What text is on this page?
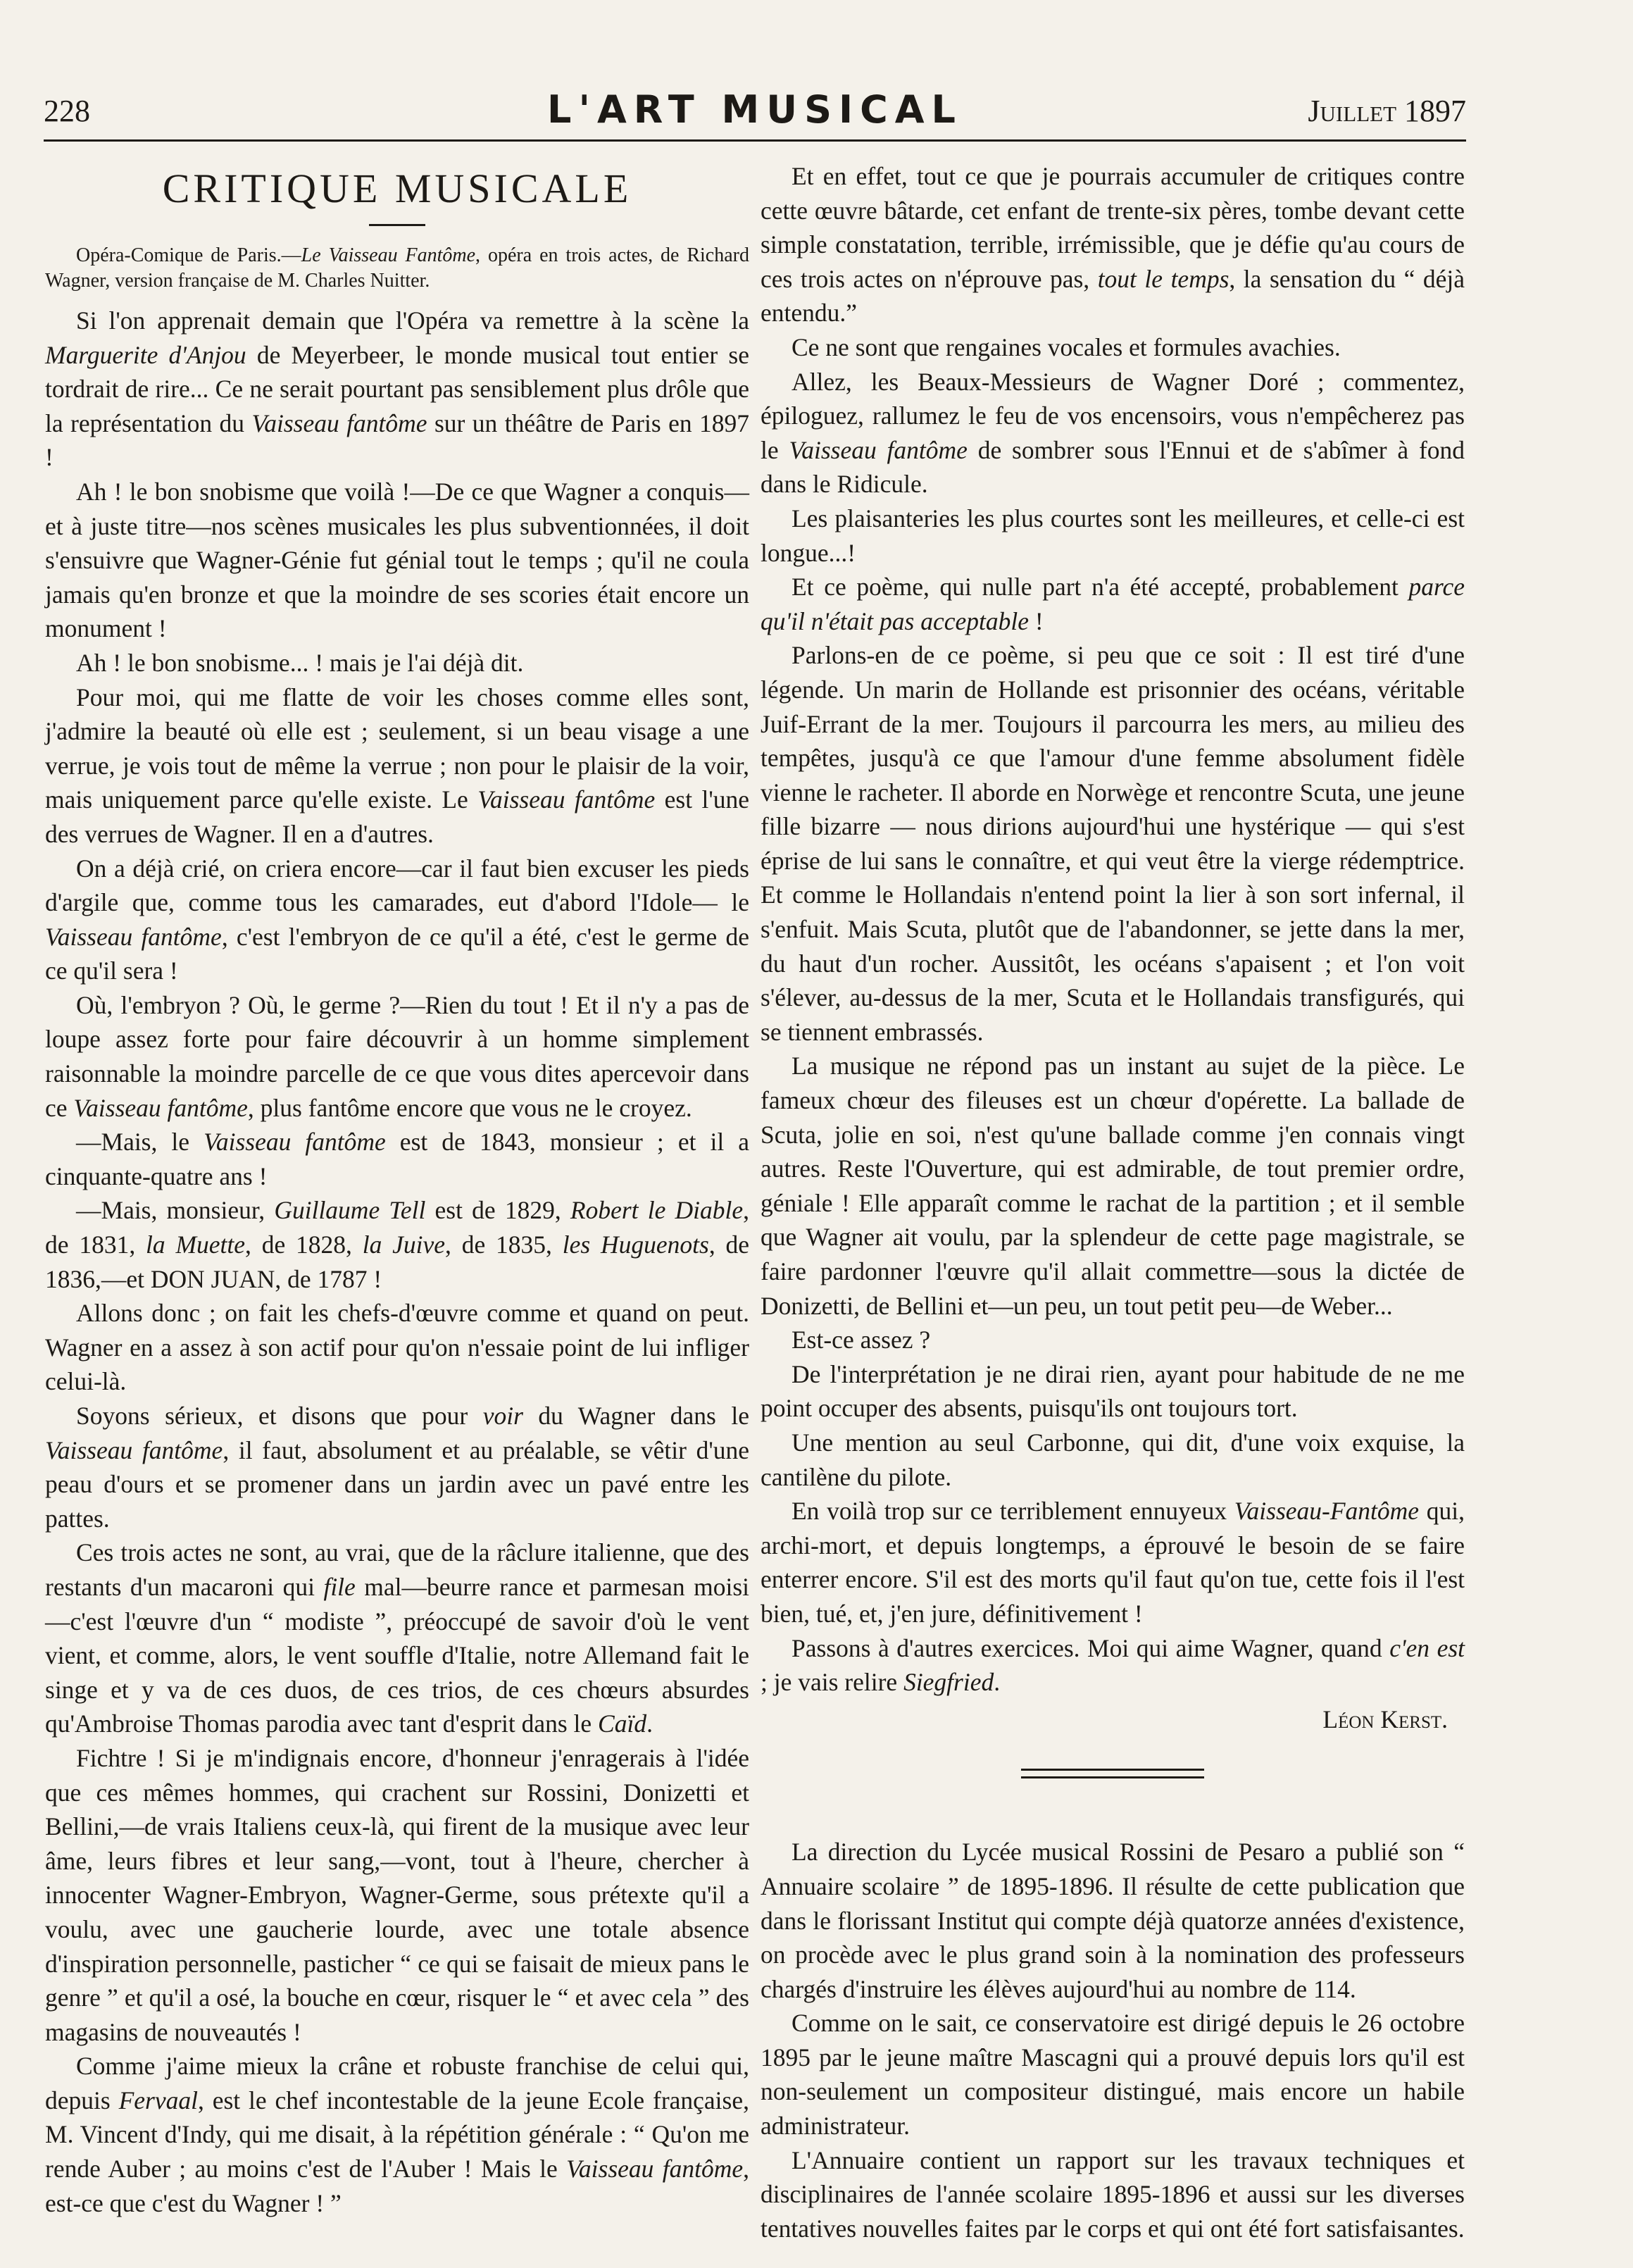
228	L'ART MUSICAL	Juillet 1897
CRITIQUE MUSICALE

Opéra-Comique de Paris.—Le Vaisseau Fantôme, opéra en trois actes, de Richard Wagner, version française de M. Charles Nuitter.

Si l'on apprenait demain que l'Opéra va remettre à la scène la Marguerite d'Anjou de Meyerbeer, le monde musical tout entier se tordrait de rire... Ce ne serait pourtant pas sensiblement plus drôle que la représentation du Vaisseau fantôme sur un théâtre de Paris en 1897 !

Ah ! le bon snobisme que voilà !—De ce que Wagner a conquis—et à juste titre—nos scènes musicales les plus subventionnées, il doit s'ensuivre que Wagner-Génie fut génial tout le temps ; qu'il ne coula jamais qu'en bronze et que la moindre de ses scories était encore un monument !

Ah ! le bon snobisme... ! mais je l'ai déjà dit.

Pour moi, qui me flatte de voir les choses comme elles sont, j'admire la beauté où elle est ; seulement, si un beau visage a une verrue, je vois tout de même la verrue ; non pour le plaisir de la voir, mais uniquement parce qu'elle existe. Le Vaisseau fantôme est l'une des verrues de Wagner. Il en a d'autres.

On a déjà crié, on criera encore—car il faut bien excuser les pieds d'argile que, comme tous les camarades, eut d'abord l'Idole— le Vaisseau fantôme, c'est l'embryon de ce qu'il a été, c'est le germe de ce qu'il sera !

Où, l'embryon ? Où, le germe ?—Rien du tout ! Et il n'y a pas de loupe assez forte pour faire découvrir à un homme simplement raisonnable la moindre parcelle de ce que vous dites apercevoir dans ce Vaisseau fantôme, plus fantôme encore que vous ne le croyez.

—Mais, le Vaisseau fantôme est de 1843, monsieur ; et il a cinquante-quatre ans !

—Mais, monsieur, Guillaume Tell est de 1829, Robert le Diable, de 1831, la Muette, de 1828, la Juive, de 1835, les Huguenots, de 1836,—et DON JUAN, de 1787 !

Allons donc ; on fait les chefs-d'œuvre comme et quand on peut. Wagner en a assez à son actif pour qu'on n'essaie point de lui infliger celui-là.

Soyons sérieux, et disons que pour voir du Wagner dans le Vaisseau fantôme, il faut, absolument et au préalable, se vêtir d'une peau d'ours et se promener dans un jardin avec un pavé entre les pattes.

Ces trois actes ne sont, au vrai, que de la râclure italienne, que des restants d'un macaroni qui file mal—beurre rance et parmesan moisi—c'est l'œuvre d'un “ modiste ”, préoccupé de savoir d'où le vent vient, et comme, alors, le vent souffle d'Italie, notre Allemand fait le singe et y va de ces duos, de ces trios, de ces chœurs absurdes qu'Ambroise Thomas parodia avec tant d'esprit dans le Caïd.

Fichtre ! Si je m'indignais encore, d'honneur j'enragerais à l'idée que ces mêmes hommes, qui crachent sur Rossini, Donizetti et Bellini,—de vrais Italiens ceux-là, qui firent de la musique avec leur âme, leurs fibres et leur sang,—vont, tout à l'heure, chercher à innocenter Wagner-Embryon, Wagner-Germe, sous prétexte qu'il a voulu, avec une gaucherie lourde, avec une totale absence d'inspiration personnelle, pasticher “ ce qui se faisait de mieux pans le genre ” et qu'il a osé, la bouche en cœur, risquer le “ et avec cela ” des magasins de nouveautés !

Comme j'aime mieux la crâne et robuste franchise de celui qui, depuis Fervaal, est le chef incontestable de la jeune Ecole française, M. Vincent d'Indy, qui me disait, à la répétition générale : “ Qu'on me rende Auber ; au moins c'est de l'Auber ! Mais le Vaisseau fantôme, est-ce que c'est du Wagner ! ”

Et en effet, tout ce que je pourrais accumuler de critiques contre cette œuvre bâtarde, cet enfant de trente-six pères, tombe devant cette simple constatation, terrible, irrémissible, que je défie qu'au cours de ces trois actes on n'éprouve pas, tout le temps, la sensation du “ déjà entendu.”

Ce ne sont que rengaines vocales et formules avachies.

Allez, les Beaux-Messieurs de Wagner Doré ; commentez, épiloguez, rallumez le feu de vos encensoirs, vous n'empêcherez pas le Vaisseau fantôme de sombrer sous l'Ennui et de s'abîmer à fond dans le Ridicule.

Les plaisanteries les plus courtes sont les meilleures, et celle-ci est longue...!

Et ce poème, qui nulle part n'a été accepté, probablement parce qu'il n'était pas acceptable !

Parlons-en de ce poème, si peu que ce soit : Il est tiré d'une légende. Un marin de Hollande est prisonnier des océans, véritable Juif-Errant de la mer. Toujours il parcourra les mers, au milieu des tempêtes, jusqu'à ce que l'amour d'une femme absolument fidèle vienne le racheter. Il aborde en Norwège et rencontre Scuta, une jeune fille bizarre — nous dirions aujourd'hui une hystérique — qui s'est éprise de lui sans le connaître, et qui veut être la vierge rédemptrice. Et comme le Hollandais n'entend point la lier à son sort infernal, il s'enfuit. Mais Scuta, plutôt que de l'abandonner, se jette dans la mer, du haut d'un rocher. Aussitôt, les océans s'apaisent ; et l'on voit s'élever, au-dessus de la mer, Scuta et le Hollandais transfigurés, qui se tiennent embrassés.

La musique ne répond pas un instant au sujet de la pièce. Le fameux chœur des fileuses est un chœur d'opérette. La ballade de Scuta, jolie en soi, n'est qu'une ballade comme j'en connais vingt autres. Reste l'Ouverture, qui est admirable, de tout premier ordre, géniale ! Elle apparaît comme le rachat de la partition ; et il semble que Wagner ait voulu, par la splendeur de cette page magistrale, se faire pardonner l'œuvre qu'il allait commettre—sous la dictée de Donizetti, de Bellini et—un peu, un tout petit peu—de Weber...

Est-ce assez ?

De l'interprétation je ne dirai rien, ayant pour habitude de ne me point occuper des absents, puisqu'ils ont toujours tort.

Une mention au seul Carbonne, qui dit, d'une voix exquise, la cantilène du pilote.

En voilà trop sur ce terriblement ennuyeux Vaisseau-Fantôme qui, archi-mort, et depuis longtemps, a éprouvé le besoin de se faire enterrer encore. S'il est des morts qu'il faut qu'on tue, cette fois il l'est bien, tué, et, j'en jure, définitivement !

Passons à d'autres exercices. Moi qui aime Wagner, quand c'en est ; je vais relire Siegfried.

Léon Kerst.

La direction du Lycée musical Rossini de Pesaro a publié son “ Annuaire scolaire ” de 1895-1896. Il résulte de cette publication que dans le florissant Institut qui compte déjà quatorze années d'existence, on procède avec le plus grand soin à la nomination des professeurs chargés d'instruire les élèves aujourd'hui au nombre de 114.

Comme on le sait, ce conservatoire est dirigé depuis le 26 octobre 1895 par le jeune maître Mascagni qui a prouvé depuis lors qu'il est non-seulement un compositeur distingué, mais encore un habile administrateur.

L'Annuaire contient un rapport sur les travaux techniques et disciplinaires de l'année scolaire 1895-1896 et aussi sur les diverses tentatives nouvelles faites par le corps et qui ont été fort satisfaisantes.
